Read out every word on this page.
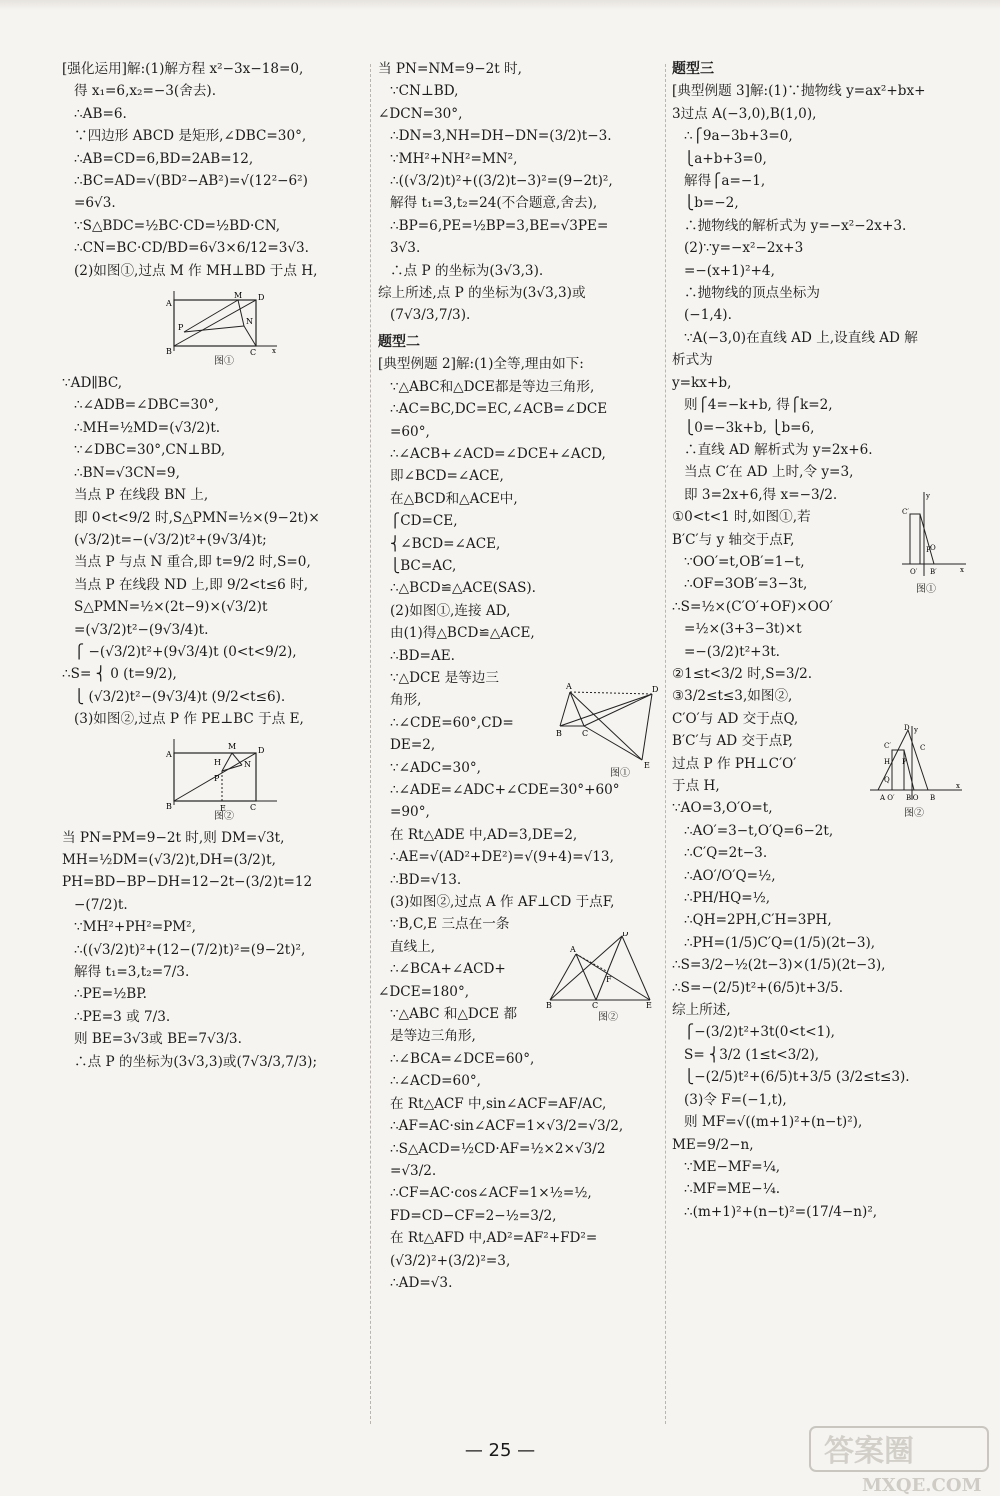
[强化运用]解:(1)解方程 x²−3x−18=0,
得 x₁=6,x₂=−3(舍去).
∴AB=6.
∵四边形 ABCD 是矩形,∠DBC=30°,
∴AB=CD=6,BD=2AB=12,
∴BC=AD=√(BD²−AB²)=√(12²−6²)
=6√3.
∵S△BDC=½BC·CD=½BD·CN,
∴CN=BC·CD/BD=6√3×6/12=3√3.
(2)如图①,过点 M 作 MH⊥BD 于点 H,
A
D
B	C
M
P
N
x
图①
∵AD∥BC,
∴∠ADB=∠DBC=30°,
∴MH=½MD=(√3/2)t.
∵∠DBC=30°,CN⊥BD,
∴BN=√3CN=9,
当点 P 在线段 BN 上,
即 0<t<9/2 时,S△PMN=½×(9−2t)×
(√3/2)t=−(√3/2)t²+(9√3/4)t;
当点 P 与点 N 重合,即 t=9/2 时,S=0,
当点 P 在线段 ND 上,即 9/2<t≤6 时,
S△PMN=½×(2t−9)×(√3/2)t
=(√3/2)t²−(9√3/4)t.
⎧ −(√3/2)t²+(9√3/4)t (0<t<9/2),
∴S= ⎨ 0 (t=9/2),
⎩ (√3/2)t²−(9√3/4)t (9/2<t≤6).
(3)如图②,过点 P 作 PE⊥BC 于点 E,
A	D
B	C
M
H
P
E
N
图②
当 PN=PM=9−2t 时,则 DM=√3t,
MH=½DM=(√3/2)t,DH=(3/2)t,
PH=BD−BP−DH=12−2t−(3/2)t=12
−(7/2)t.
∵MH²+PH²=PM²,
∴((√3/2)t)²+(12−(7/2)t)²=(9−2t)²,
解得 t₁=3,t₂=7/3.
∴PE=½BP.
∴PE=3 或 7/3.
则 BE=3√3或 BE=7√3/3.
∴点 P 的坐标为(3√3,3)或(7√3/3,7/3);
当 PN=NM=9−2t 时,
∵CN⊥BD,
∠DCN=30°,
∴DN=3,NH=DH−DN=(3/2)t−3.
∵MH²+NH²=MN²,
∴((√3/2)t)²+((3/2)t−3)²=(9−2t)²,
解得 t₁=3,t₂=24(不合题意,舍去),
∴BP=6,PE=½BP=3,BE=√3PE=
3√3.
∴点 P 的坐标为(3√3,3).
综上所述,点 P 的坐标为(3√3,3)或
(7√3/3,7/3).
题型二
[典型例题 2]解:(1)全等,理由如下:
∵△ABC和△DCE都是等边三角形,
∴AC=BC,DC=EC,∠ACB=∠DCE
=60°,
∴∠ACB+∠ACD=∠DCE+∠ACD,
即∠BCD=∠ACE,
在△BCD和△ACE中,
⎧CD=CE,
⎨∠BCD=∠ACE,
⎩BC=AC,
∴△BCD≌△ACE(SAS).
(2)如图①,连接 AD,
由(1)得△BCD≌△ACE,
∴BD=AE.
∵△DCE 是等边三
角形,
∴∠CDE=60°,CD=
DE=2,
∵∠ADC=30°,
∴∠ADE=∠ADC+∠CDE=30°+60°
=90°,
在 Rt△ADE 中,AD=3,DE=2,
∴AE=√(AD²+DE²)=√(9+4)=√13,
∴BD=√13.
(3)如图②,过点 A 作 AF⊥CD 于点F,
∵B,C,E 三点在一条
直线上,
∴∠BCA+∠ACD+
∠DCE=180°,
∵△ABC 和△DCE 都
是等边三角形,
∴∠BCA=∠DCE=60°,
∴∠ACD=60°,
在 Rt△ACF 中,sin∠ACF=AF/AC,
∴AF=AC·sin∠ACF=1×√3/2=√3/2,
∴S△ACD=½CD·AF=½×2×√3/2
=√3/2.
∴CF=AC·cos∠ACF=1×½=½,
FD=CD−CF=2−½=3/2,
在 Rt△AFD 中,AD²=AF²+FD²=
(√3/2)²+(3/2)²=3,
∴AD=√3.
A	D
B	C
E
图①
A
D
B	C	E
F
图②
题型三
[典型例题 3]解:(1)∵抛物线 y=ax²+bx+
3过点 A(−3,0),B(1,0),
∴⎧9a−3b+3=0,
⎩a+b+3=0,
解得⎧a=−1,
⎩b=−2,
∴抛物线的解析式为 y=−x²−2x+3.
(2)∵y=−x²−2x+3
=−(x+1)²+4,
∴抛物线的顶点坐标为
(−1,4).
∵A(−3,0)在直线 AD 上,设直线 AD 解
析式为
y=kx+b,
则⎧4=−k+b, 得⎧k=2,
⎩0=−3k+b, ⎩b=6,
∴直线 AD 解析式为 y=2x+6.
当点 C′在 AD 上时,令 y=3,
即 3=2x+6,得 x=−3/2.
①0<t<1 时,如图①,若
B′C′与 y 轴交于点F,
∵OO′=t,OB′=1−t,
∴OF=3OB′=3−3t,
∴S=½×(C′O′+OF)×OO′
=½×(3+3−3t)×t
=−(3/2)t²+3t.
②1≤t<3/2 时,S=3/2.
③3/2≤t≤3,如图②,
C′O′与 AD 交于点Q,
B′C′与 AD 交于点P,
过点 P 作 PH⊥C′O′
于点 H,
∵AO=3,O′O=t,
∴AO′=3−t,O′Q=6−2t,
∴C′Q=2t−3.
∴AO′/O′Q=½,
∴PH/HQ=½,
∴QH=2PH,C′H=3PH,
∴PH=(1/5)C′Q=(1/5)(2t−3),
∴S=3/2−½(2t−3)×(1/5)(2t−3),
∴S=−(2/5)t²+(6/5)t+3/5.
综上所述,
⎧−(3/2)t²+3t(0<t<1),
S= ⎨3/2 (1≤t<3/2),
⎩−(2/5)t²+(6/5)t+3/5 (3/2≤t≤3).
(3)令 F=(−1,t),
则 MF=√((m+1)²+(n−t)²),
ME=9/2−n,
∵ME−MF=¼,
∴MF=ME−¼.
∴(m+1)²+(n−t)²=(17/4−n)²,
y
C′
F O
O′ B′	x
图①
y
D
C′	C
H P
Q
A O′ B′O B
x
图②
— 25 —	答案圈
MXQE.COM
